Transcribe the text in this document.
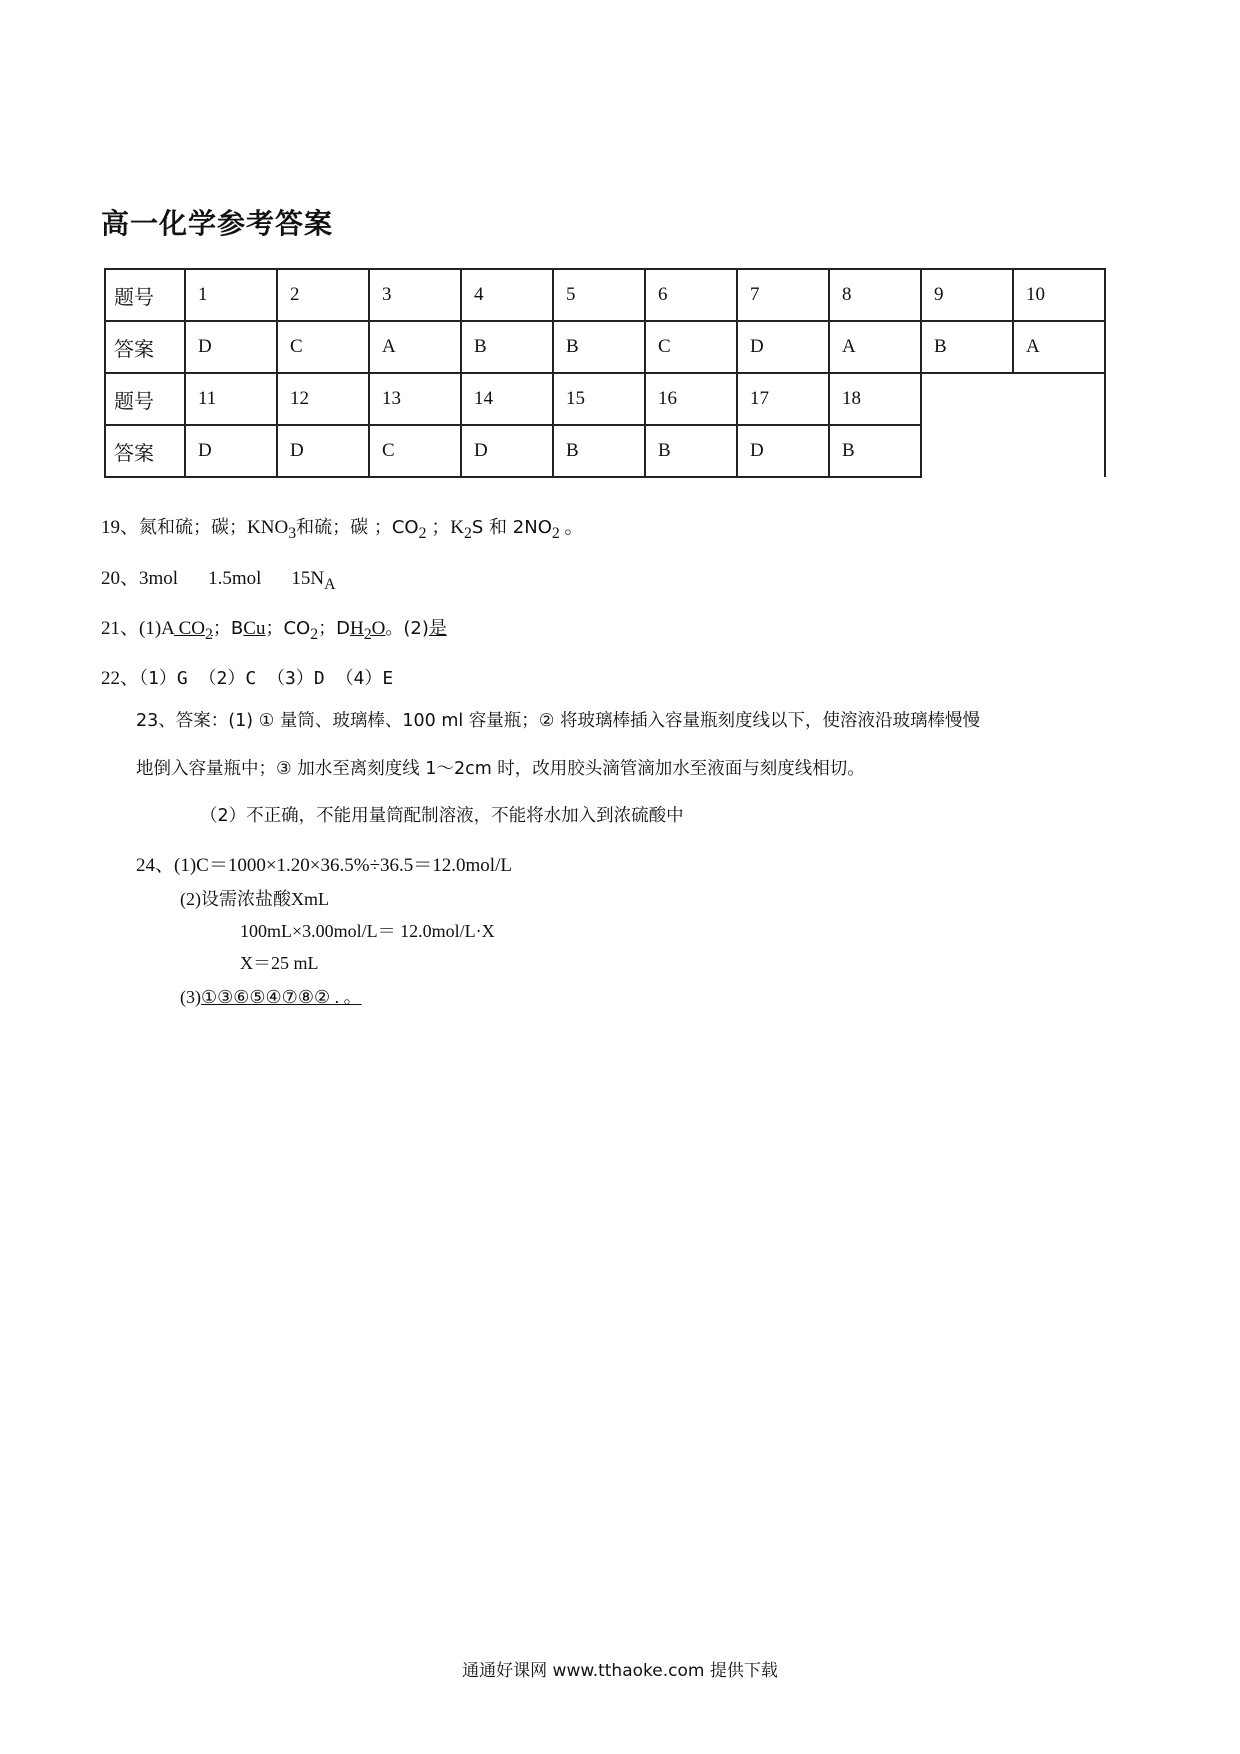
高一化学参考答案
题号	1	2	3	4	5	6	7	8	9	10
答案	D	C	A	B	B	C	D	A	B	A
题号	11	12	13	14	15	16	17	18		
答案	D	D	C	D	B	B	D	B		
19、氮和硫；碳；$KNO_3$和硫；碳 ；$CO_2$ ；$K_2S$ 和 $2NO_2$ 。
20、3mol 1.5mol $15N_A$
21、(1)A $CO_2$；BCu；$CO_2$；$DH_2O$。(2)是
22、（1）G （2）C （3）D （4）E
23、答案：(1) ① 量筒、玻璃棒、100 ml 容量瓶；② 将玻璃棒插入容量瓶刻度线以下，使溶液沿玻璃棒慢慢
地倒入容量瓶中；③ 加水至离刻度线 1～2cm 时，改用胶头滴管滴加水至液面与刻度线相切。
（2）不正确，不能用量筒配制溶液，不能将水加入到浓硫酸中
24、(1)C＝1000×1.20×36.5%÷36.5＝12.0mol/L
(2)设需浓盐酸XmL
100mL×3.00mol/L＝ 12.0mol/L·X
X＝25 mL
(3)①③⑥⑤④⑦⑧② . 。
通通好课网 www.tthaoke.com 提供下载
